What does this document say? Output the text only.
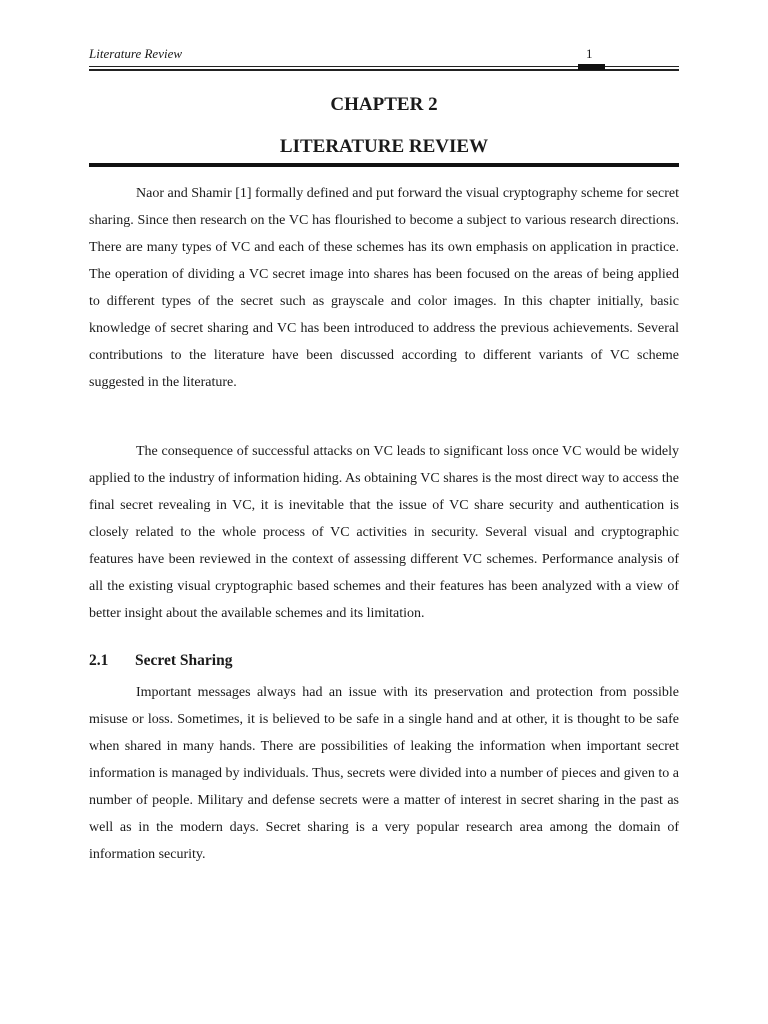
Literature Review	1
CHAPTER 2
LITERATURE REVIEW

Naor and Shamir [1] formally defined and put forward the visual cryptography scheme for secret sharing. Since then research on the VC has flourished to become a subject to various research directions. There are many types of VC and each of these schemes has its own emphasis on application in practice. The operation of dividing a VC secret image into shares has been focused on the areas of being applied to different types of the secret such as grayscale and color images. In this chapter initially, basic knowledge of secret sharing and VC has been introduced to address the previous achievements. Several contributions to the literature have been discussed according to different variants of VC scheme suggested in the literature.

The consequence of successful attacks on VC leads to significant loss once VC would be widely applied to the industry of information hiding. As obtaining VC shares is the most direct way to access the final secret revealing in VC, it is inevitable that the issue of VC share security and authentication is closely related to the whole process of VC activities in security. Several visual and cryptographic features have been reviewed in the context of assessing different VC schemes. Performance analysis of all the existing visual cryptographic based schemes and their features has been analyzed with a view of better insight about the available schemes and its limitation.

2.1 Secret Sharing

Important messages always had an issue with its preservation and protection from possible misuse or loss. Sometimes, it is believed to be safe in a single hand and at other, it is thought to be safe when shared in many hands. There are possibilities of leaking the information when important secret information is managed by individuals. Thus, secrets were divided into a number of pieces and given to a number of people. Military and defense secrets were a matter of interest in secret sharing in the past as well as in the modern days. Secret sharing is a very popular research area among the domain of information security.
